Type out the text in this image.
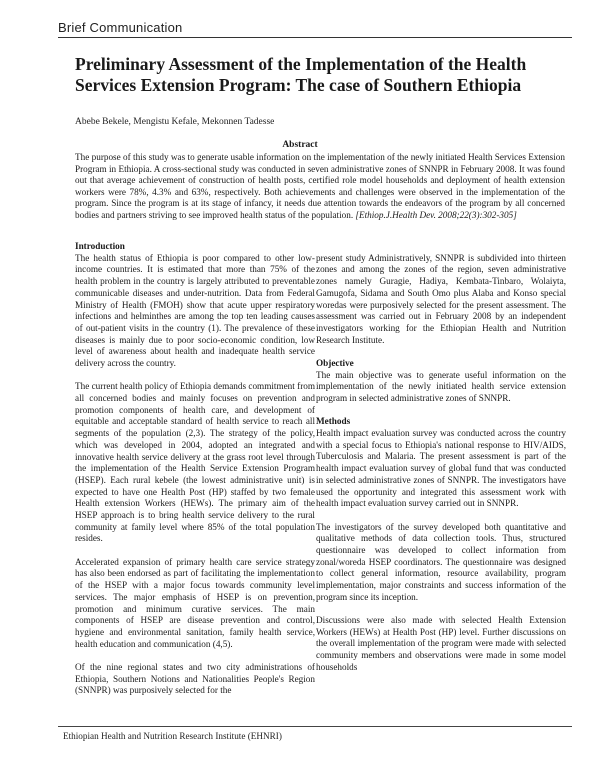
Brief Communication
Preliminary Assessment of the Implementation of the Health Services Extension Program: The case of Southern Ethiopia
Abebe Bekele, Mengistu Kefale, Mekonnen Tadesse
Abstract
The purpose of this study was to generate usable information on the implementation of the newly initiated Health Services Extension Program in Ethiopia. A cross-sectional study was conducted in seven administrative zones of SNNPR in February 2008. It was found out that average achievement of construction of health posts, certified role model households and deployment of health extension workers were 78%, 4.3% and 63%, respectively. Both achievements and challenges were observed in the implementation of the program. Since the program is at its stage of infancy, it needs due attention towards the endeavors of the program by all concerned bodies and partners striving to see improved health status of the population. [Ethiop.J.Health Dev. 2008;22(3):302-305]
Introduction

The health status of Ethiopia is poor compared to other low-income countries. It is estimated that more than 75% of the health problem in the country is largely attributed to preventable communicable diseases and under-nutrition. Data from Federal Ministry of Health (FMOH) show that acute upper respiratory infections and helminthes are among the top ten leading causes of out-patient visits in the country (1). The prevalence of these diseases is mainly due to poor socio-economic condition, low level of awareness about health and inadequate health service delivery across the country.

The current health policy of Ethiopia demands commitment from all concerned bodies and mainly focuses on prevention and promotion components of health care, and development of equitable and acceptable standard of health service to reach all segments of the population (2,3). The strategy of the policy, which was developed in 2004, adopted an integrated and innovative health service delivery at the grass root level through the implementation of the Health Service Extension Program (HSEP). Each rural kebele (the lowest administrative unit) is expected to have one Health Post (HP) staffed by two female Health extension Workers (HEWs). The primary aim of the HSEP approach is to bring health service delivery to the rural community at family level where 85% of the total population resides.

Accelerated expansion of primary health care service strategy has also been endorsed as part of facilitating the implementation of the HSEP with a major focus towards community level services. The major emphasis of HSEP is on prevention, promotion and minimum curative services. The main components of HSEP are disease prevention and control, hygiene and environmental sanitation, family health service, health education and communication (4,5).

Of the nine regional states and two city administrations of Ethiopia, Southern Notions and Nationalities People's Region (SNNPR) was purposively selected for the

present study Administratively, SNNPR is subdivided into thirteen zones and among the zones of the region, seven administrative zones namely Guragie, Hadiya, Kembata-Tinbaro, Wolaiyta, Gamugofa, Sidama and South Omo plus Alaba and Konso special woredas were purposively selected for the present assessment. The assessment was carried out in February 2008 by an independent investigators working for the Ethiopian Health and Nutrition Research Institute.

Objective

The main objective was to generate useful information on the implementation of the newly initiated health service extension program in selected administrative zones of SNNPR.

Methods

Health impact evaluation survey was conducted across the country with a special focus to Ethiopia's national response to HIV/AIDS, Tuberculosis and Malaria. The present assessment is part of the health impact evaluation survey of global fund that was conducted in selected administrative zones of SNNPR. The investigators have used the opportunity and integrated this assessment work with health impact evaluation survey carried out in SNNPR.

The investigators of the survey developed both quantitative and qualitative methods of data collection tools. Thus, structured questionnaire was developed to collect information from zonal/woreda HSEP coordinators. The questionnaire was designed to collect general information, resource availability, program implementation, major constraints and success information of the program since its inception.

Discussions were also made with selected Health Extension Workers (HEWs) at Health Post (HP) level. Further discussions on the overall implementation of the program were made with selected community members and observations were made in some model households

Ethiopian Health and Nutrition Research Institute (EHNRI)
